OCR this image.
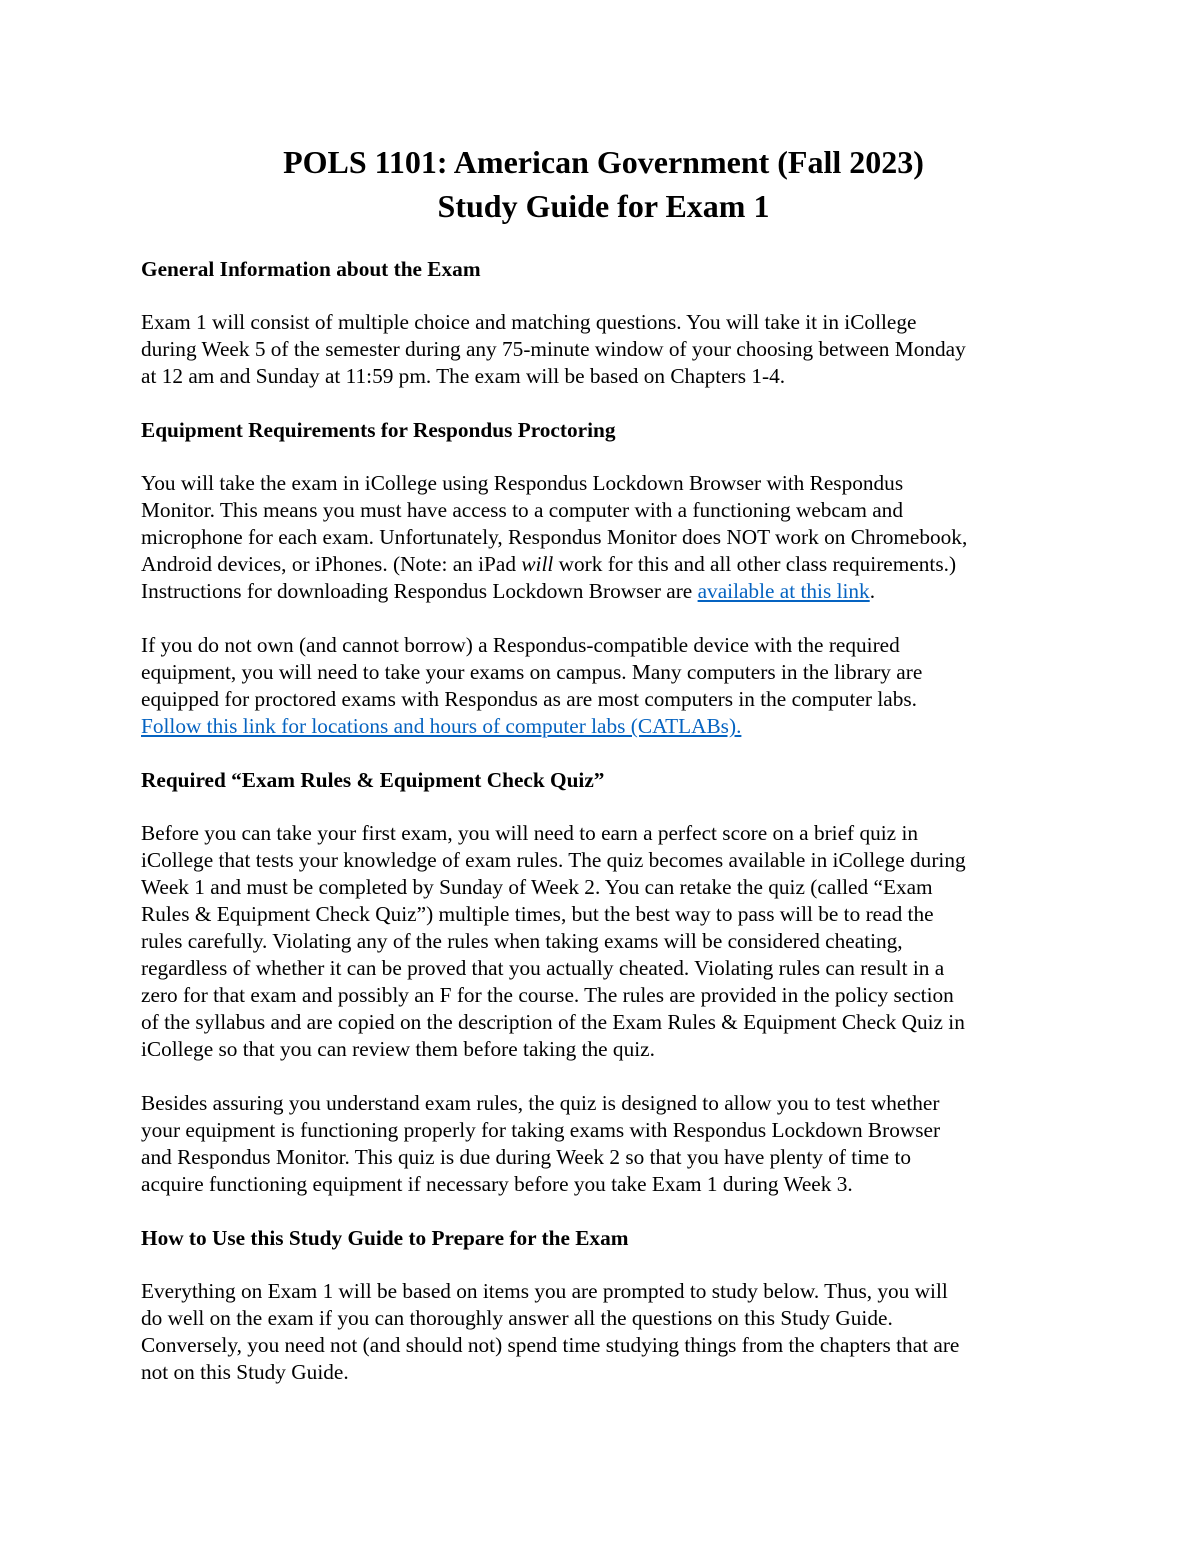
POLS 1101: American Government (Fall 2023)
Study Guide for Exam 1
General Information about the Exam

Exam 1 will consist of multiple choice and matching questions. You will take it in iCollege
during Week 5 of the semester during any 75-minute window of your choosing between Monday
at 12 am and Sunday at 11:59 pm. The exam will be based on Chapters 1-4.

Equipment Requirements for Respondus Proctoring

You will take the exam in iCollege using Respondus Lockdown Browser with Respondus
Monitor. This means you must have access to a computer with a functioning webcam and
microphone for each exam. Unfortunately, Respondus Monitor does NOT work on Chromebook,
Android devices, or iPhones. (Note: an iPad will work for this and all other class requirements.)
Instructions for downloading Respondus Lockdown Browser are available at this link.

If you do not own (and cannot borrow) a Respondus-compatible device with the required
equipment, you will need to take your exams on campus. Many computers in the library are
equipped for proctored exams with Respondus as are most computers in the computer labs.
Follow this link for locations and hours of computer labs (CATLABs).

Required “Exam Rules & Equipment Check Quiz”

Before you can take your first exam, you will need to earn a perfect score on a brief quiz in
iCollege that tests your knowledge of exam rules. The quiz becomes available in iCollege during
Week 1 and must be completed by Sunday of Week 2. You can retake the quiz (called “Exam
Rules & Equipment Check Quiz”) multiple times, but the best way to pass will be to read the
rules carefully. Violating any of the rules when taking exams will be considered cheating,
regardless of whether it can be proved that you actually cheated. Violating rules can result in a
zero for that exam and possibly an F for the course. The rules are provided in the policy section
of the syllabus and are copied on the description of the Exam Rules & Equipment Check Quiz in
iCollege so that you can review them before taking the quiz.

Besides assuring you understand exam rules, the quiz is designed to allow you to test whether
your equipment is functioning properly for taking exams with Respondus Lockdown Browser
and Respondus Monitor. This quiz is due during Week 2 so that you have plenty of time to
acquire functioning equipment if necessary before you take Exam 1 during Week 3.

How to Use this Study Guide to Prepare for the Exam

Everything on Exam 1 will be based on items you are prompted to study below. Thus, you will
do well on the exam if you can thoroughly answer all the questions on this Study Guide.
Conversely, you need not (and should not) spend time studying things from the chapters that are
not on this Study Guide.
